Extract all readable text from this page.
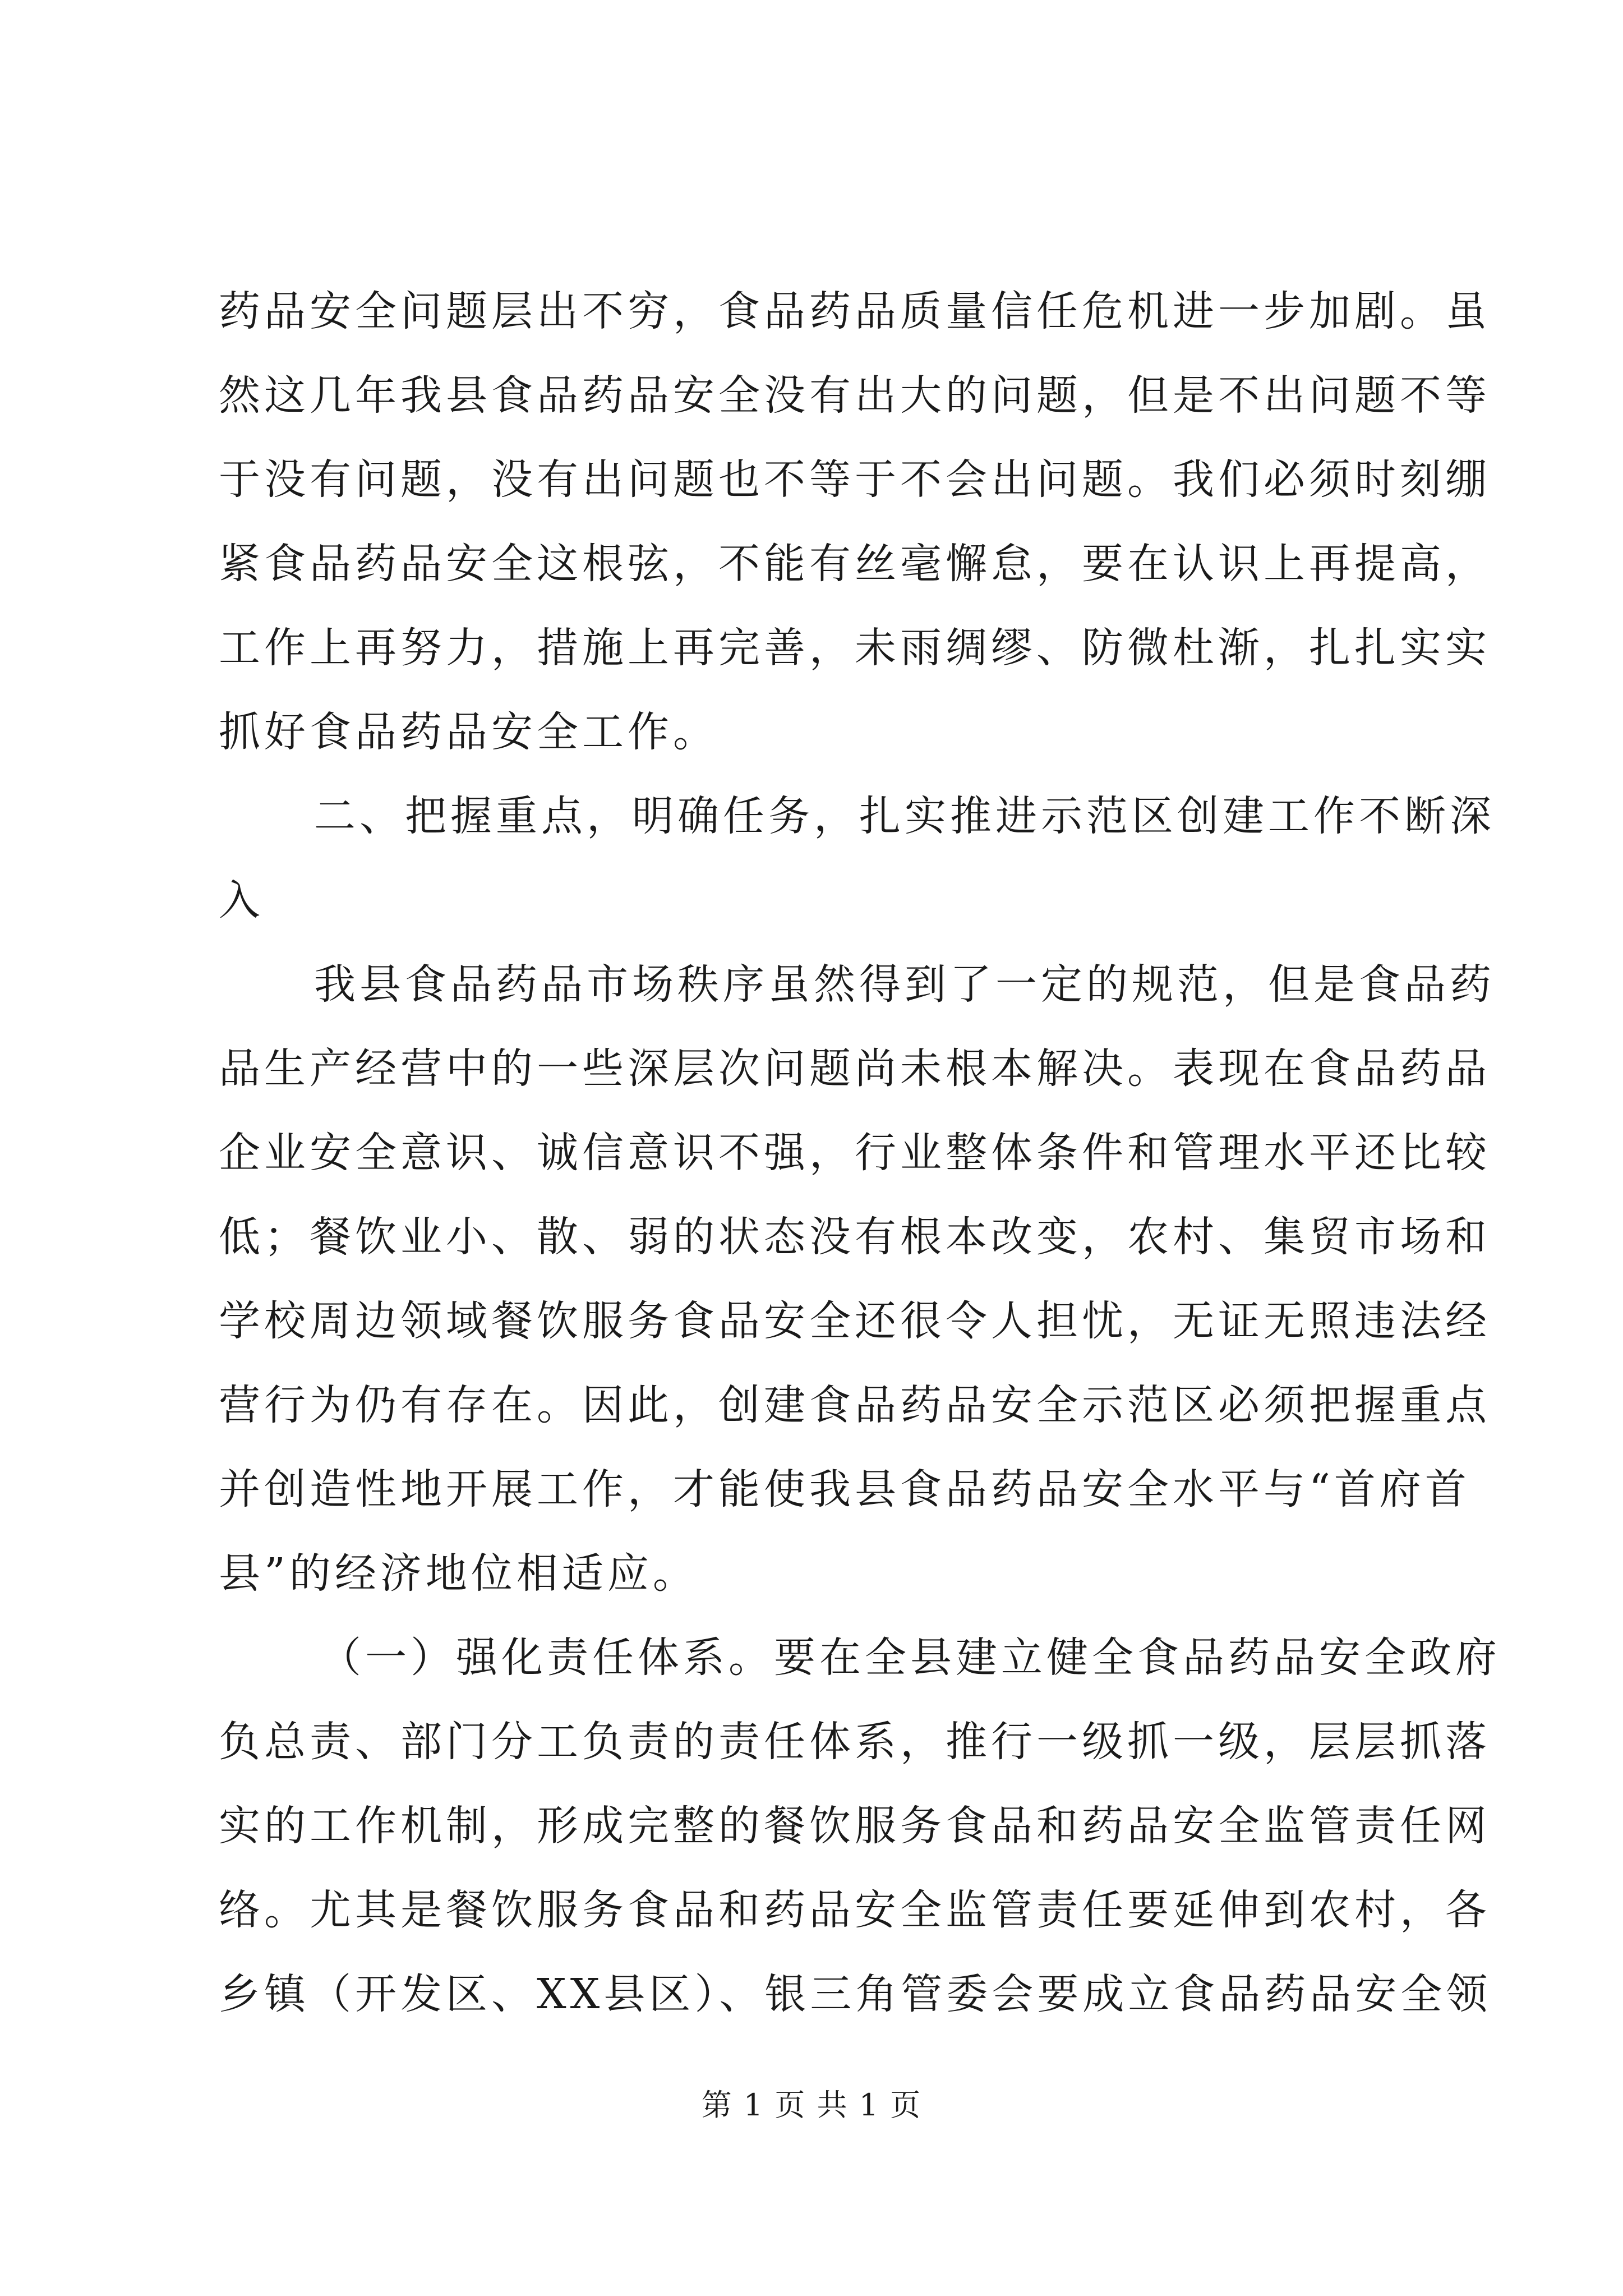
药品安全问题层出不穷，食品药品质量信任危机进一步加剧。虽
然这几年我县食品药品安全没有出大的问题，但是不出问题不等
于没有问题，没有出问题也不等于不会出问题。我们必须时刻绷
紧食品药品安全这根弦，不能有丝毫懈怠，要在认识上再提高，
工作上再努力，措施上再完善，未雨绸缪、防微杜渐，扎扎实实
抓好食品药品安全工作。
二、把握重点，明确任务，扎实推进示范区创建工作不断深
入
我县食品药品市场秩序虽然得到了一定的规范，但是食品药
品生产经营中的一些深层次问题尚未根本解决。表现在食品药品
企业安全意识、诚信意识不强，行业整体条件和管理水平还比较
低；餐饮业小、散、弱的状态没有根本改变，农村、集贸市场和
学校周边领域餐饮服务食品安全还很令人担忧，无证无照违法经
营行为仍有存在。因此，创建食品药品安全示范区必须把握重点
并创造性地开展工作，才能使我县食品药品安全水平与“首府首
县”的经济地位相适应。
（一）强化责任体系。要在全县建立健全食品药品安全政府
负总责、部门分工负责的责任体系，推行一级抓一级，层层抓落
实的工作机制，形成完整的餐饮服务食品和药品安全监管责任网
络。尤其是餐饮服务食品和药品安全监管责任要延伸到农村，各
乡镇（开发区、XX县区）、银三角管委会要成立食品药品安全领
第 1 页 共 1 页
